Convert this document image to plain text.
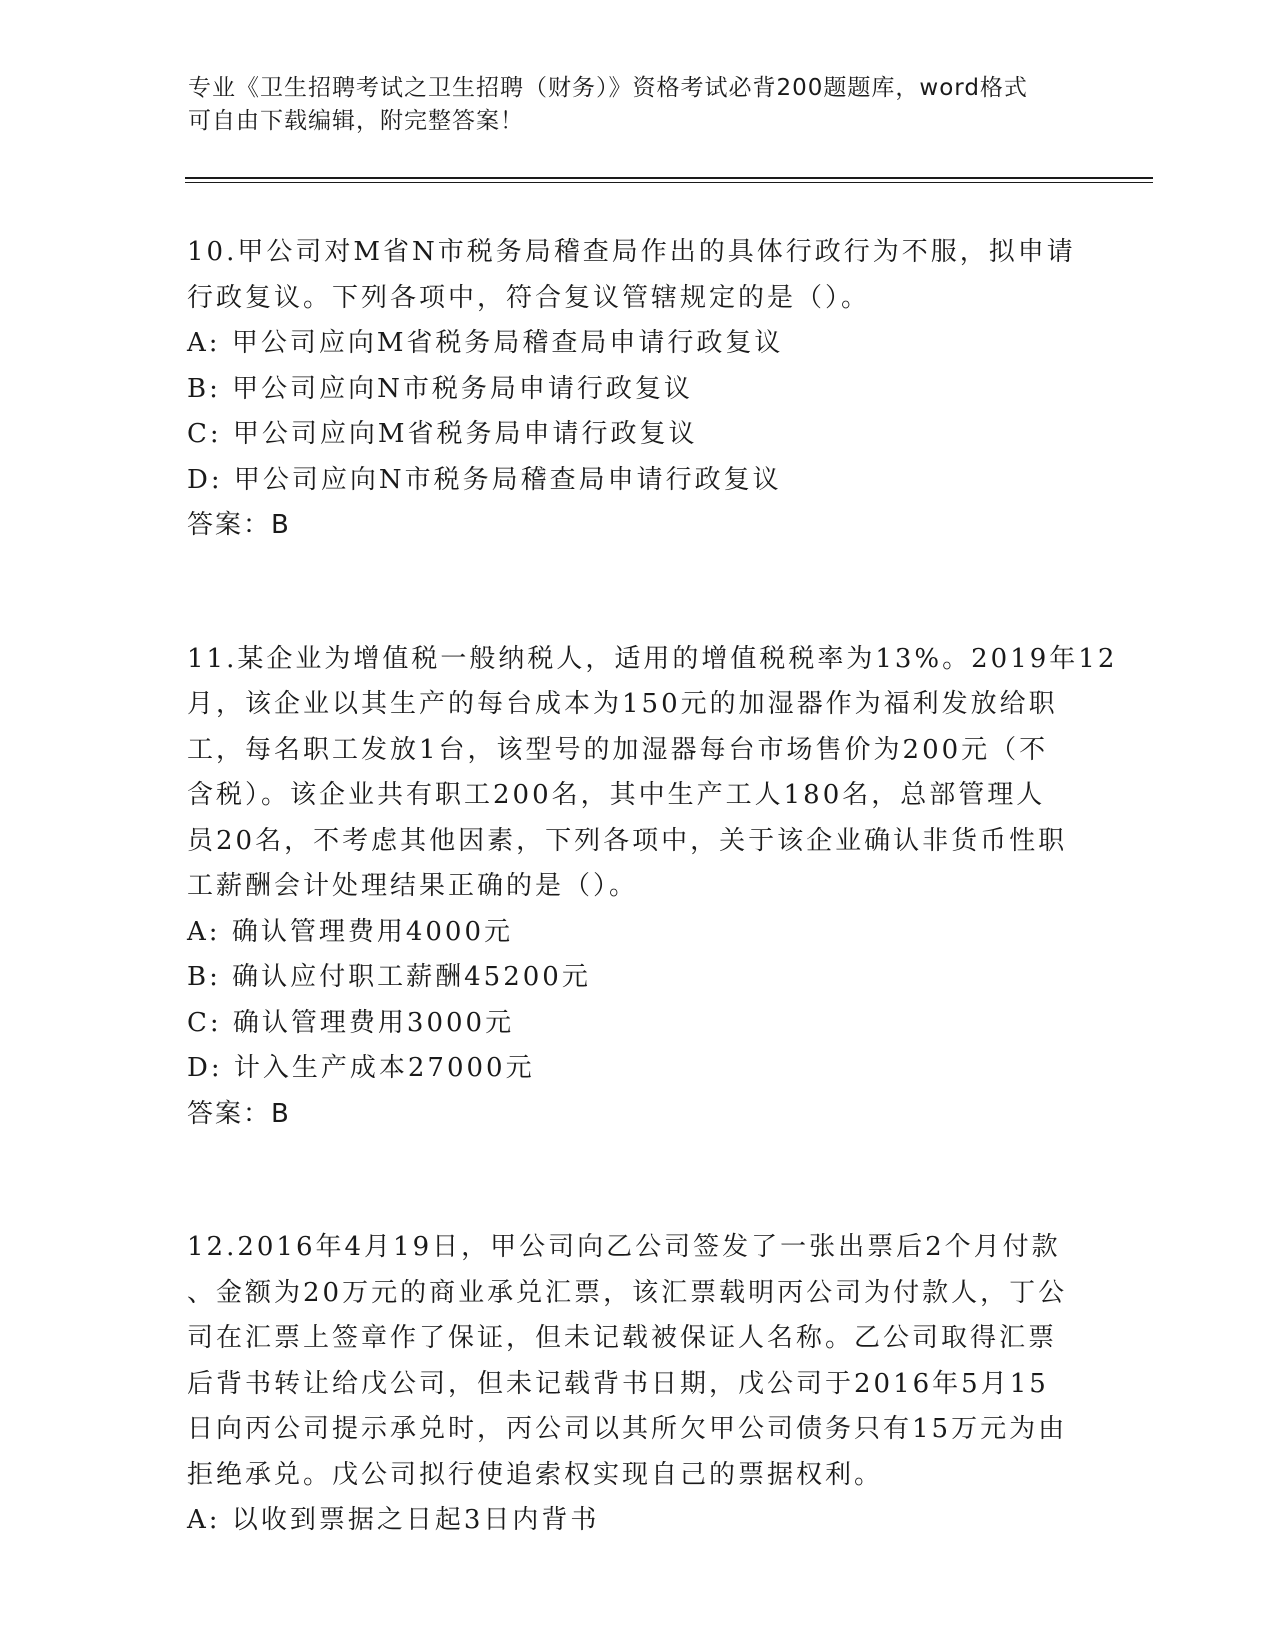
专业《卫生招聘考试之卫生招聘（财务）》资格考试必背200题题库，word格式
可自由下载编辑，附完整答案！
10.甲公司对M省N市税务局稽查局作出的具体行政行为不服，拟申请
行政复议。下列各项中，符合复议管辖规定的是（）。
A: 甲公司应向M省税务局稽查局申请行政复议
B: 甲公司应向N市税务局申请行政复议
C: 甲公司应向M省税务局申请行政复议
D: 甲公司应向N市税务局稽查局申请行政复议
答案：B
11.某企业为增值税一般纳税人，适用的增值税税率为13%。2019年12
月，该企业以其生产的每台成本为150元的加湿器作为福利发放给职
工，每名职工发放1台，该型号的加湿器每台市场售价为200元（不
含税）。该企业共有职工200名，其中生产工人180名，总部管理人
员20名，不考虑其他因素，下列各项中，关于该企业确认非货币性职
工薪酬会计处理结果正确的是（）。
A: 确认管理费用4000元
B: 确认应付职工薪酬45200元
C: 确认管理费用3000元
D: 计入生产成本27000元
答案：B
12.2016年4月19日，甲公司向乙公司签发了一张出票后2个月付款
、金额为20万元的商业承兑汇票，该汇票载明丙公司为付款人，丁公
司在汇票上签章作了保证，但未记载被保证人名称。乙公司取得汇票
后背书转让给戊公司，但未记载背书日期，戊公司于2016年5月15
日向丙公司提示承兑时，丙公司以其所欠甲公司债务只有15万元为由
拒绝承兑。戊公司拟行使追索权实现自己的票据权利。
A: 以收到票据之日起3日内背书
